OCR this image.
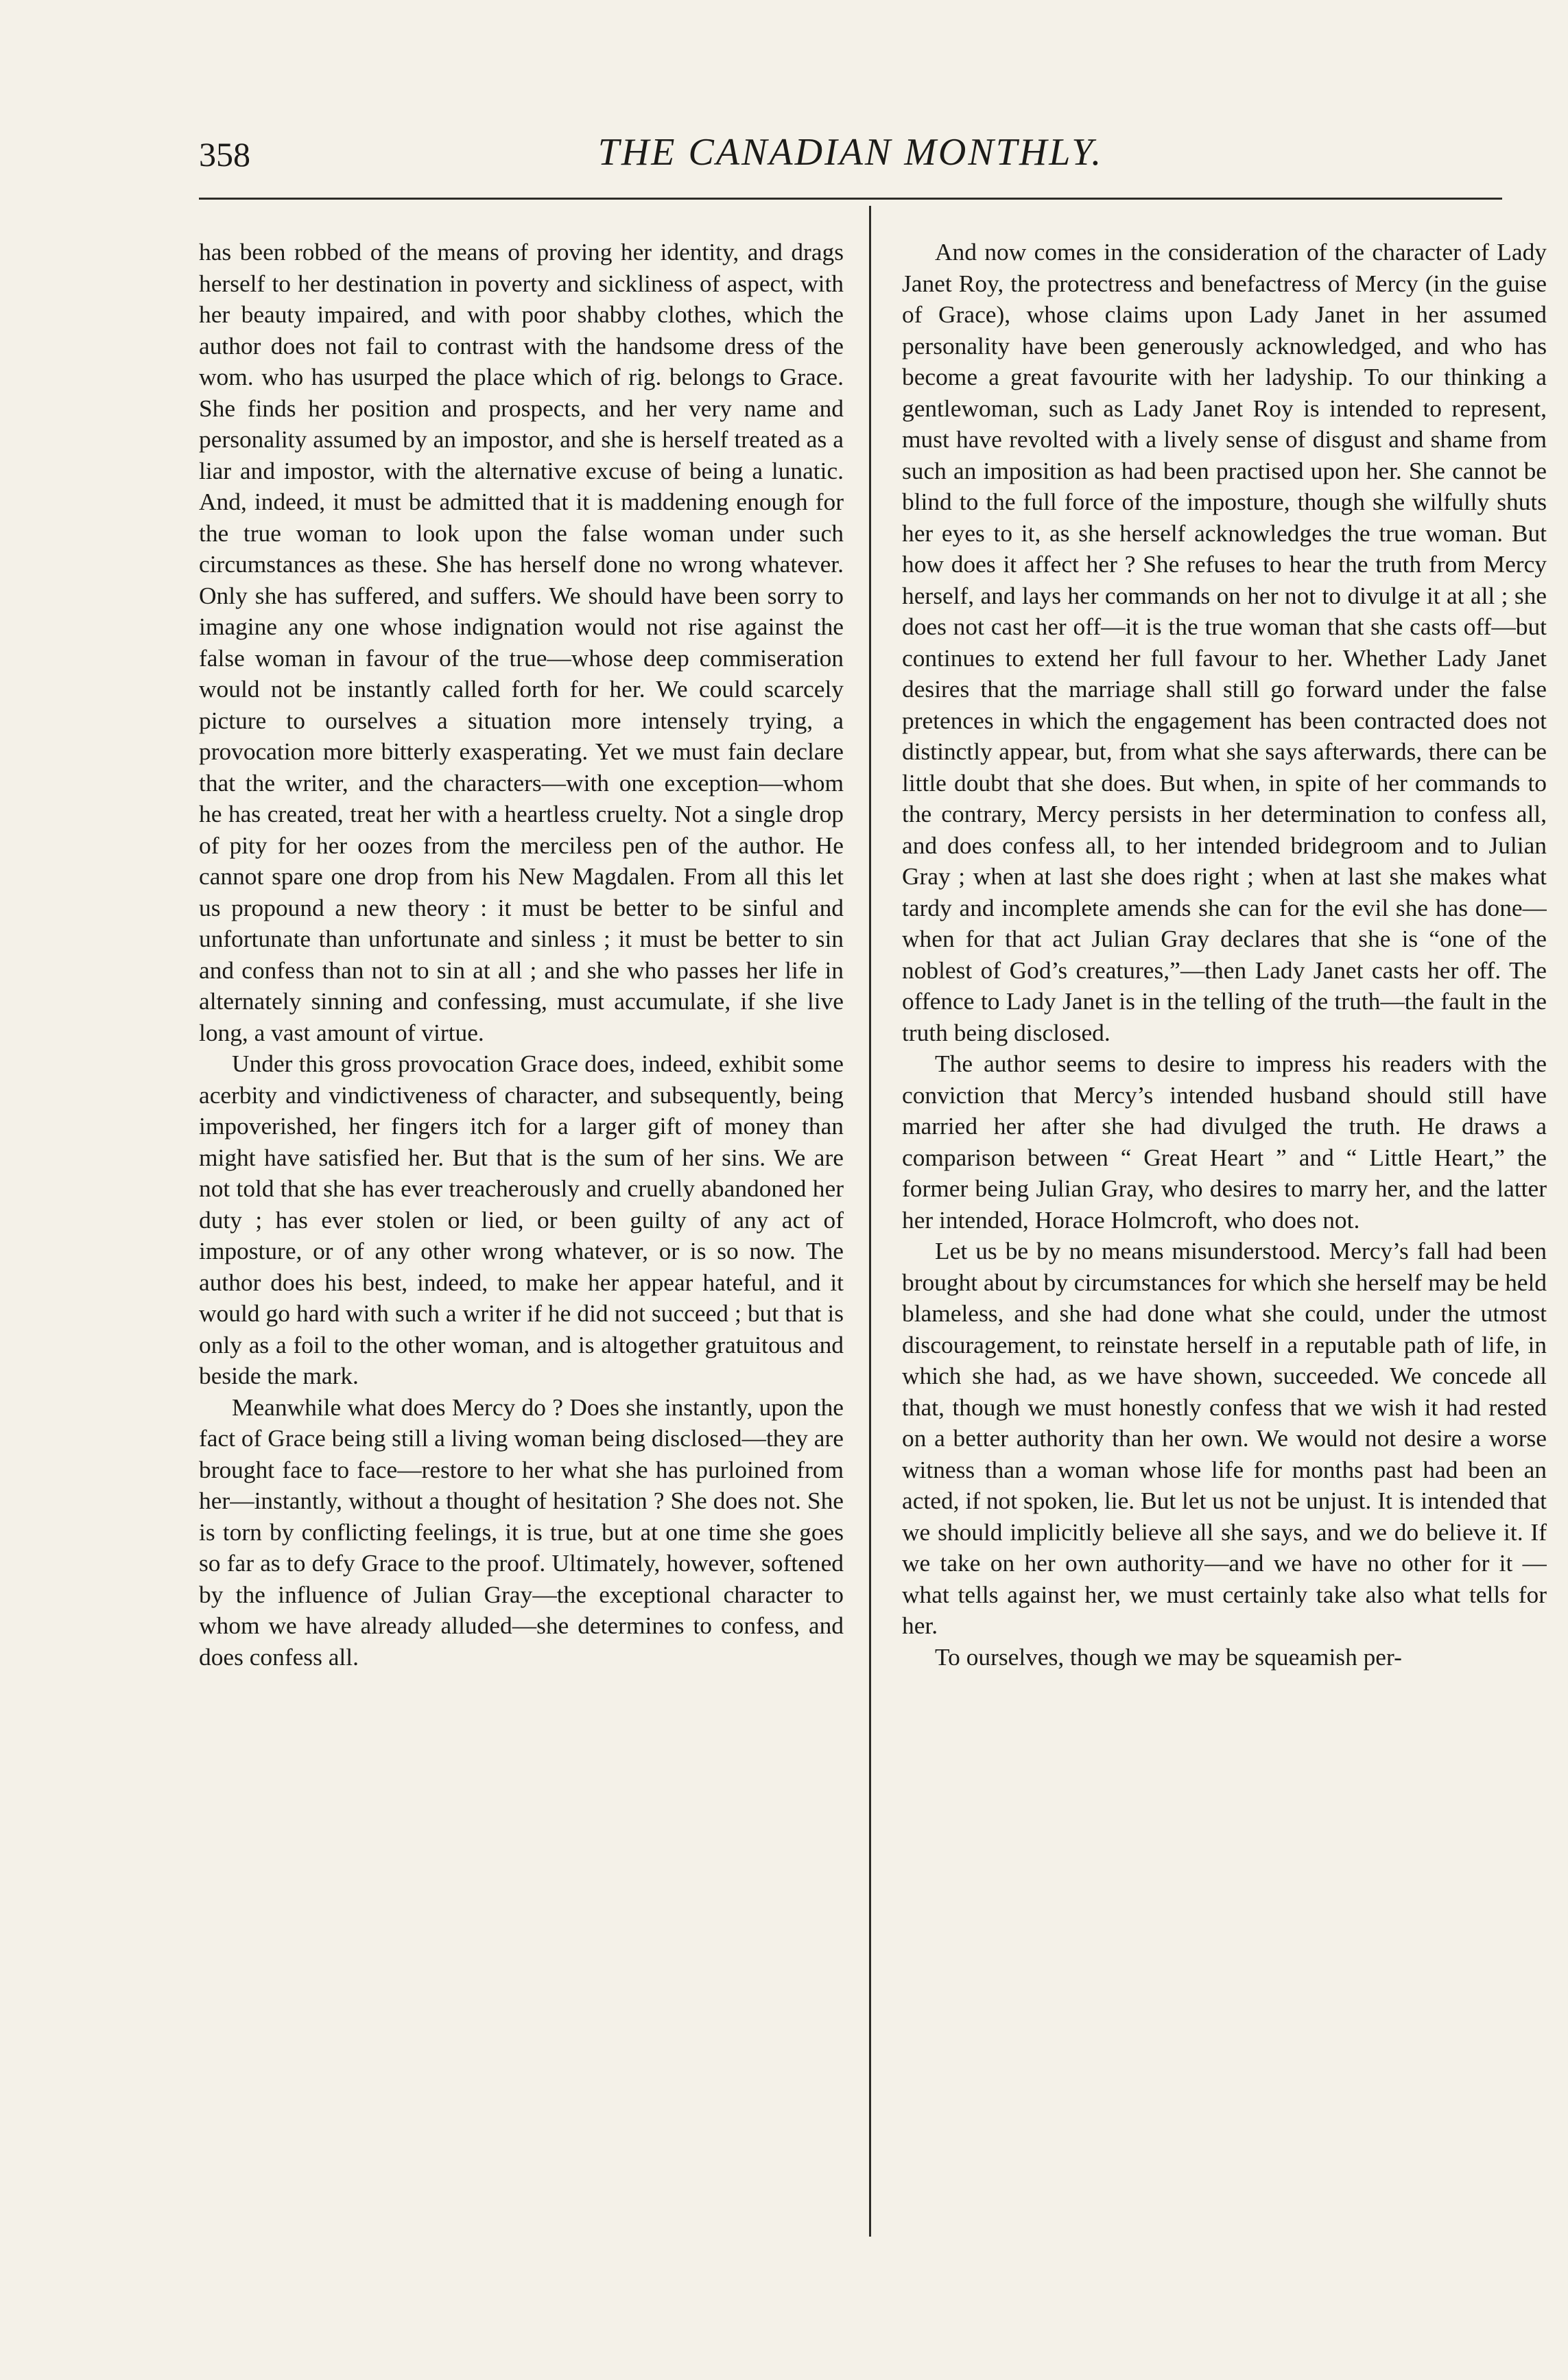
358	THE CANADIAN MONTHLY.

has been robbed of the means of proving her identity, and drags herself to her destination in poverty and sickliness of aspect, with her beauty impaired, and with poor shabby clothes, which the author does not fail to contrast with the handsome dress of the wom. who has usurped the place which of rig. belongs to Grace. She finds her position and prospects, and her very name and personality assumed by an impostor, and she is herself treated as a liar and impostor, with the alternative excuse of being a lunatic. And, indeed, it must be admitted that it is maddening enough for the true woman to look upon the false woman under such circumstances as these. She has herself done no wrong whatever. Only she has suffered, and suffers. We should have been sorry to imagine any one whose indignation would not rise against the false woman in favour of the true—whose deep commiseration would not be instantly called forth for her. We could scarcely picture to ourselves a situation more intensely trying, a provocation more bitterly exasperating. Yet we must fain declare that the writer, and the characters—with one exception—whom he has created, treat her with a heartless cruelty. Not a single drop of pity for her oozes from the merciless pen of the author. He cannot spare one drop from his New Magdalen. From all this let us propound a new theory : it must be better to be sinful and unfortunate than unfortunate and sinless ; it must be better to sin and confess than not to sin at all ; and she who passes her life in alternately sinning and confessing, must accumulate, if she live long, a vast amount of virtue.

Under this gross provocation Grace does, indeed, exhibit some acerbity and vindictiveness of character, and subsequently, being impoverished, her fingers itch for a larger gift of money than might have satisfied her. But that is the sum of her sins. We are not told that she has ever treacherously and cruelly abandoned her duty ; has ever stolen or lied, or been guilty of any act of imposture, or of any other wrong whatever, or is so now. The author does his best, indeed, to make her appear hateful, and it would go hard with such a writer if he did not succeed ; but that is only as a foil to the other woman, and is altogether gratuitous and beside the mark.

Meanwhile what does Mercy do ? Does she instantly, upon the fact of Grace being still a living woman being disclosed—they are brought face to face—restore to her what she has purloined from her—instantly, without a thought of hesitation ? She does not. She is torn by conflicting feelings, it is true, but at one time she goes so far as to defy Grace to the proof. Ultimately, however, softened by the influence of Julian Gray—the exceptional character to whom we have already alluded—she determines to confess, and does confess all.

And now comes in the consideration of the character of Lady Janet Roy, the protectress and benefactress of Mercy (in the guise of Grace), whose claims upon Lady Janet in her assumed personality have been generously acknowledged, and who has become a great favourite with her ladyship. To our thinking a gentlewoman, such as Lady Janet Roy is intended to represent, must have revolted with a lively sense of disgust and shame from such an imposition as had been practised upon her. She cannot be blind to the full force of the imposture, though she wilfully shuts her eyes to it, as she herself acknowledges the true woman. But how does it affect her ? She refuses to hear the truth from Mercy herself, and lays her commands on her not to divulge it at all ; she does not cast her off—it is the true woman that she casts off—but continues to extend her full favour to her. Whether Lady Janet desires that the marriage shall still go forward under the false pretences in which the engagement has been contracted does not distinctly appear, but, from what she says afterwards, there can be little doubt that she does. But when, in spite of her commands to the contrary, Mercy persists in her determination to confess all, and does confess all, to her intended bridegroom and to Julian Gray ; when at last she does right ; when at last she makes what tardy and incomplete amends she can for the evil she has done—when for that act Julian Gray declares that she is “one of the noblest of God’s creatures,”—then Lady Janet casts her off. The offence to Lady Janet is in the telling of the truth—the fault in the truth being disclosed.

The author seems to desire to impress his readers with the conviction that Mercy’s intended husband should still have married her after she had divulged the truth. He draws a comparison between “ Great Heart ” and “ Little Heart,” the former being Julian Gray, who desires to marry her, and the latter her intended, Horace Holmcroft, who does not.

Let us be by no means misunderstood. Mercy’s fall had been brought about by circumstances for which she herself may be held blameless, and she had done what she could, under the utmost discouragement, to reinstate herself in a reputable path of life, in which she had, as we have shown, succeeded. We concede all that, though we must honestly confess that we wish it had rested on a better authority than her own. We would not desire a worse witness than a woman whose life for months past had been an acted, if not spoken, lie. But let us not be unjust. It is intended that we should implicitly believe all she says, and we do believe it. If we take on her own authority—and we have no other for it —what tells against her, we must certainly take also what tells for her.

To ourselves, though we may be squeamish per-
